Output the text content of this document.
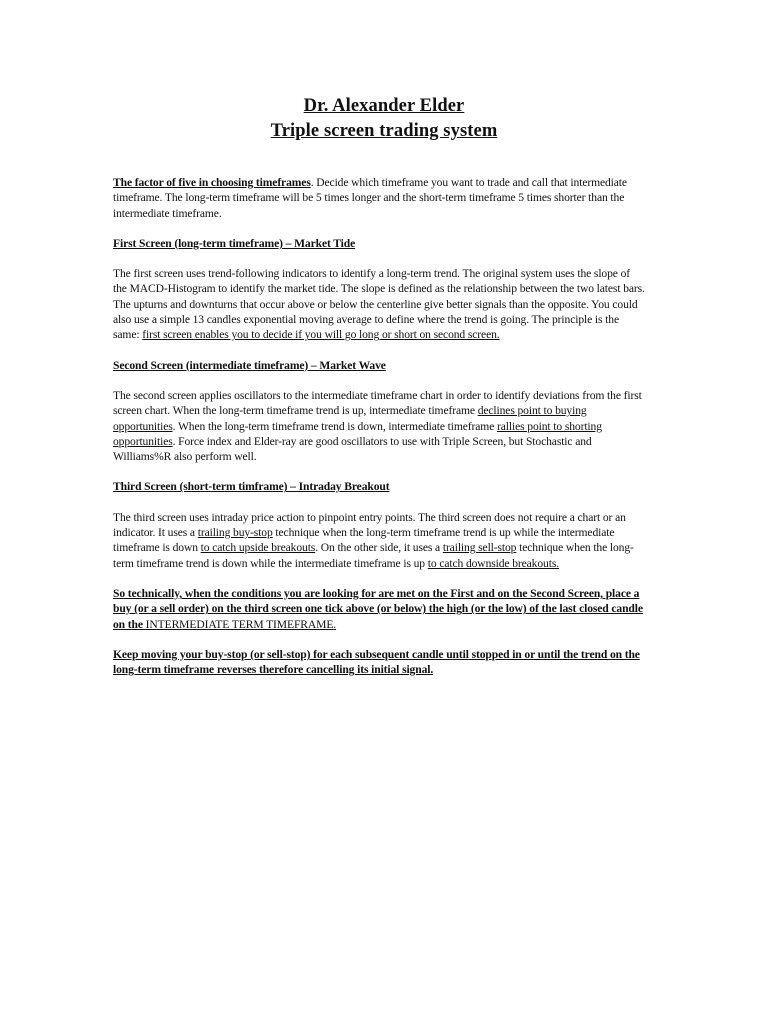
Dr. Alexander Elder
Triple screen trading system

The factor of five in choosing timeframes. Decide which timeframe you want to trade and call that intermediate timeframe. The long-term timeframe will be 5 times longer and the short-term timeframe 5 times shorter than the intermediate timeframe.

First Screen (long-term timeframe) – Market Tide

The first screen uses trend-following indicators to identify a long-term trend. The original system uses the slope of the MACD-Histogram to identify the market tide. The slope is defined as the relationship between the two latest bars. The upturns and downturns that occur above or below the centerline give better signals than the opposite. You could also use a simple 13 candles exponential moving average to define where the trend is going. The principle is the same: first screen enables you to decide if you will go long or short on second screen.

Second Screen (intermediate timeframe) – Market Wave

The second screen applies oscillators to the intermediate timeframe chart in order to identify deviations from the first screen chart. When the long-term timeframe trend is up, intermediate timeframe declines point to buying opportunities. When the long-term timeframe trend is down, intermediate timeframe rallies point to shorting opportunities. Force index and Elder-ray are good oscillators to use with Triple Screen, but Stochastic and Williams%R also perform well.

Third Screen (short-term timframe) – Intraday Breakout

The third screen uses intraday price action to pinpoint entry points. The third screen does not require a chart or an indicator. It uses a trailing buy-stop technique when the long-term timeframe trend is up while the intermediate timeframe is down to catch upside breakouts. On the other side, it uses a trailing sell-stop technique when the long-term timeframe trend is down while the intermediate timeframe is up to catch downside breakouts.

So technically, when the conditions you are looking for are met on the First and on the Second Screen, place a buy (or a sell order) on the third screen one tick above (or below) the high (or the low) of the last closed candle on the INTERMEDIATE TERM TIMEFRAME.

Keep moving your buy-stop (or sell-stop) for each subsequent candle until stopped in or until the trend on the long-term timeframe reverses therefore cancelling its initial signal.
